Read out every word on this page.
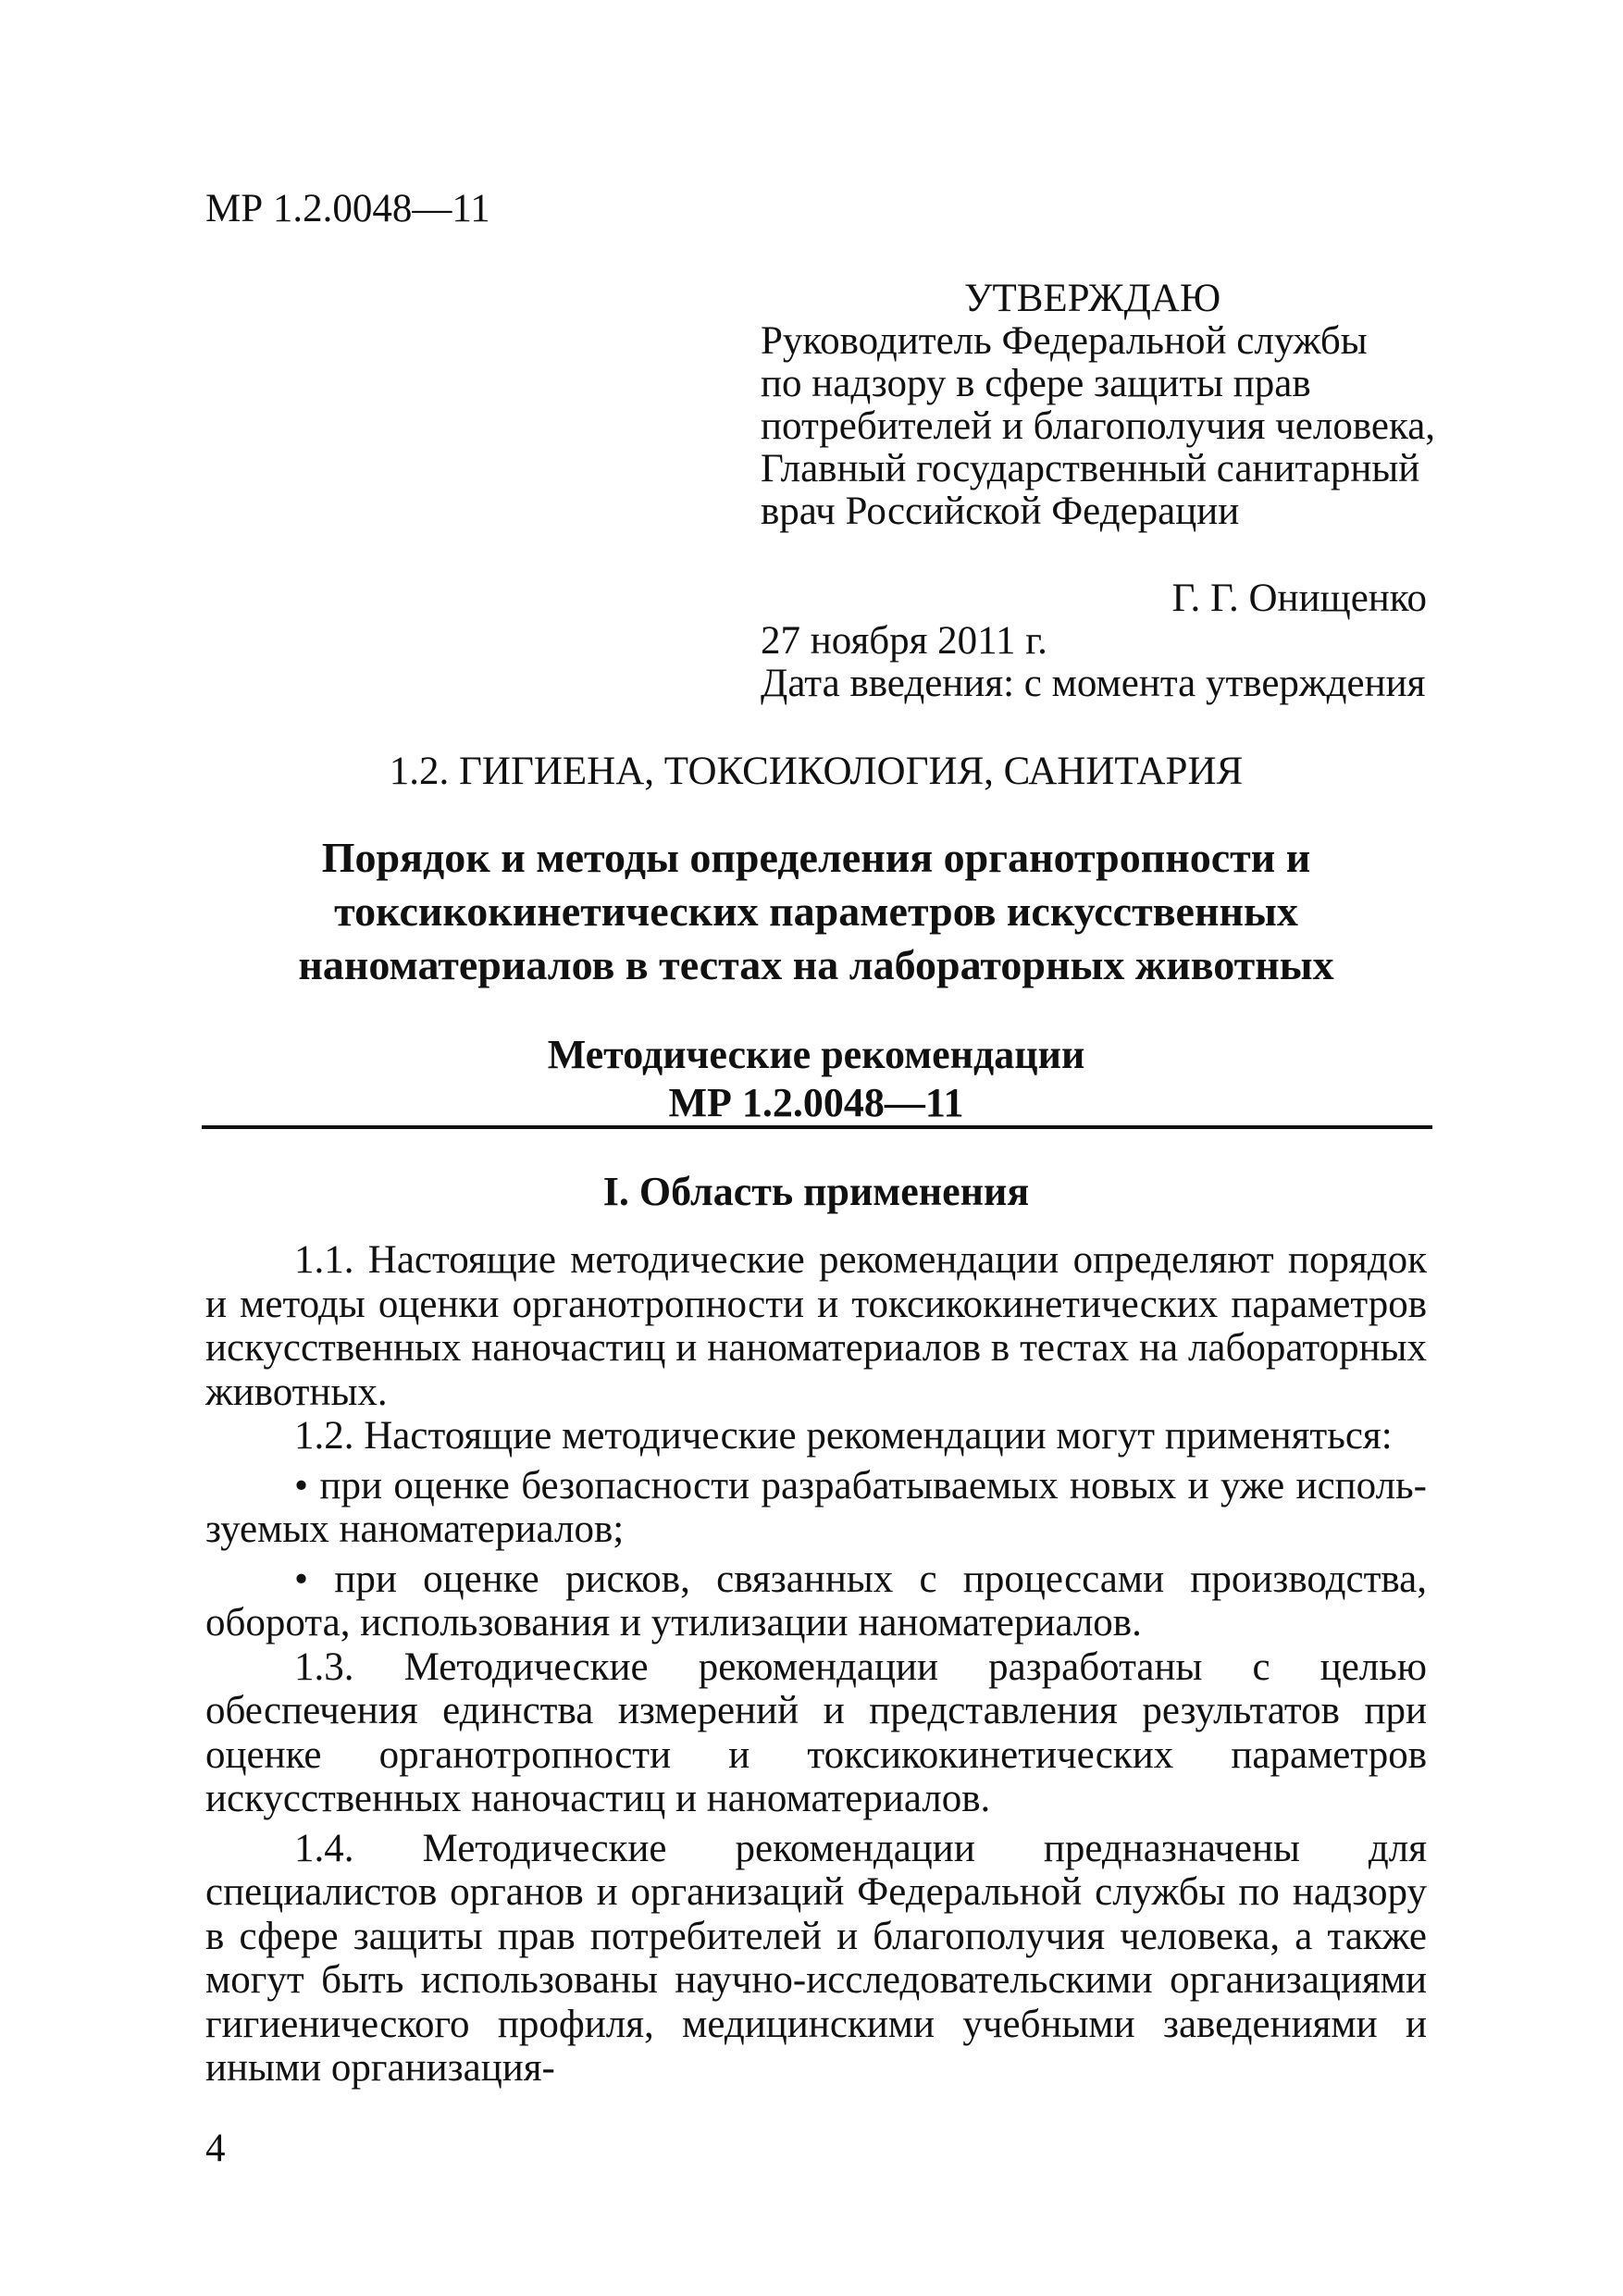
МР 1.2.0048—11
УТВЕРЖДАЮ
Руководитель Федеральной службы
по надзору в сфере защиты прав
потребителей и благополучия человека,
Главный государственный санитарный
врач Российской Федерации
Г. Г. Онищенко
27 ноября 2011 г.
Дата введения: с момента утверждения
1.2. ГИГИЕНА, ТОКСИКОЛОГИЯ, САНИТАРИЯ
Порядок и методы определения органотропности и
токсикокинетических параметров искусственных
наноматериалов в тестах на лабораторных животных
Методические рекомендации
МР 1.2.0048—11
I. Область применения

1.1. Настоящие методические рекомендации определяют порядок и методы оценки органотропности и токсикокинетических параметров искусственных наночастиц и наноматериалов в тестах на лабораторных животных.

1.2. Настоящие методические рекомендации могут применяться:

• при оценке безопасности разрабатываемых новых и уже используемых наноматериалов;

• при оценке рисков, связанных с процессами производства, оборота, использования и утилизации наноматериалов.

1.3. Методические рекомендации разработаны с целью обеспечения единства измерений и представления результатов при оценке органотропности и токсикокинетических параметров искусственных наночастиц и наноматериалов.

1.4. Методические рекомендации предназначены для специалистов органов и организаций Федеральной службы по надзору в сфере защиты прав потребителей и благополучия человека, а также могут быть использованы научно-исследовательскими организациями гигиенического профиля, медицинскими учебными заведениями и иными организация-

4
